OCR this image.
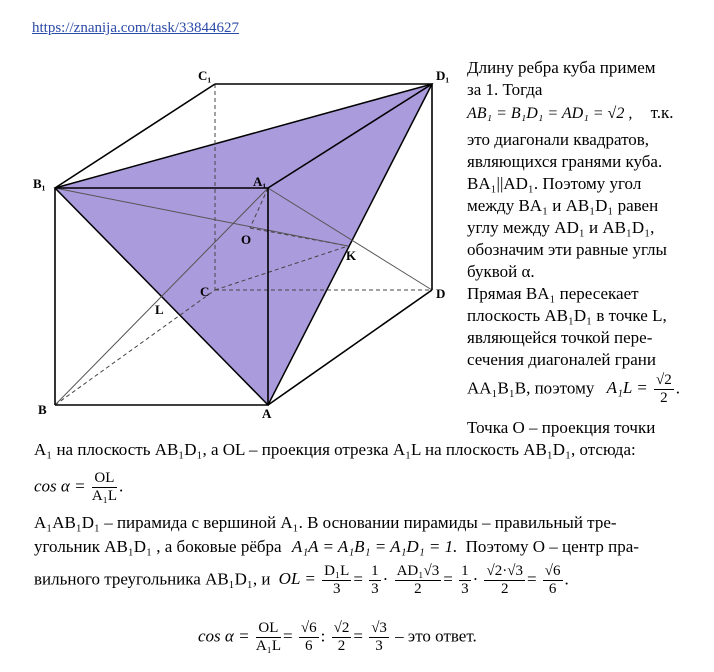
https://znanija.com/task/33844627
C₁	D₁
B₁	A₁
O
K
C	D
L
B	A
Длину ребра куба примем
за 1. Тогда
AB₁ = B₁D₁ = AD₁ = √2 , т.к.
это диагонали квадратов,
являющихся гранями куба.
BA₁||AD₁. Поэтому угол
между BA₁ и AB₁D₁ равен
углу между AD₁ и AB₁D₁,
обозначим эти равные углы
буквой α.
Прямая BA₁ пересекает
плоскость AB₁D₁ в точке L,
являющейся точкой пере-
сечения диагоналей грани
AA₁B₁B, поэтому $A_1L = \frac{√2}{2}$ .
Точка O – проекция точки
A₁ на плоскость AB₁D₁, а OL – проекция отрезка A₁L на плоскость AB₁D₁, отсюда:
$\cos \alpha = \frac{OL}{\text{A₁L}}$ .
A₁AB₁D₁ – пирамида с вершиной A₁. В основании пирамиды – правильный тре-
угольник AB₁D₁ , а боковые рёбра A₁A = A₁B₁ = A₁D₁ = 1. Поэтому O – центр пра-
вильного треугольника AB₁D₁, и OL = $\frac{\text{D₁L}}{3} = \frac{1}{3} \cdot \frac{\text{AD₁√3}}{2} = \frac{1}{3} \cdot \frac{√2\cdot√3}{2} = \frac{√6}{6}$ .
$\cos \alpha = \frac{OL}{\text{A₁L}} = \frac{√6}{6}$ : $\frac{√2}{2} = \frac{√3}{3}$ – это ответ.
